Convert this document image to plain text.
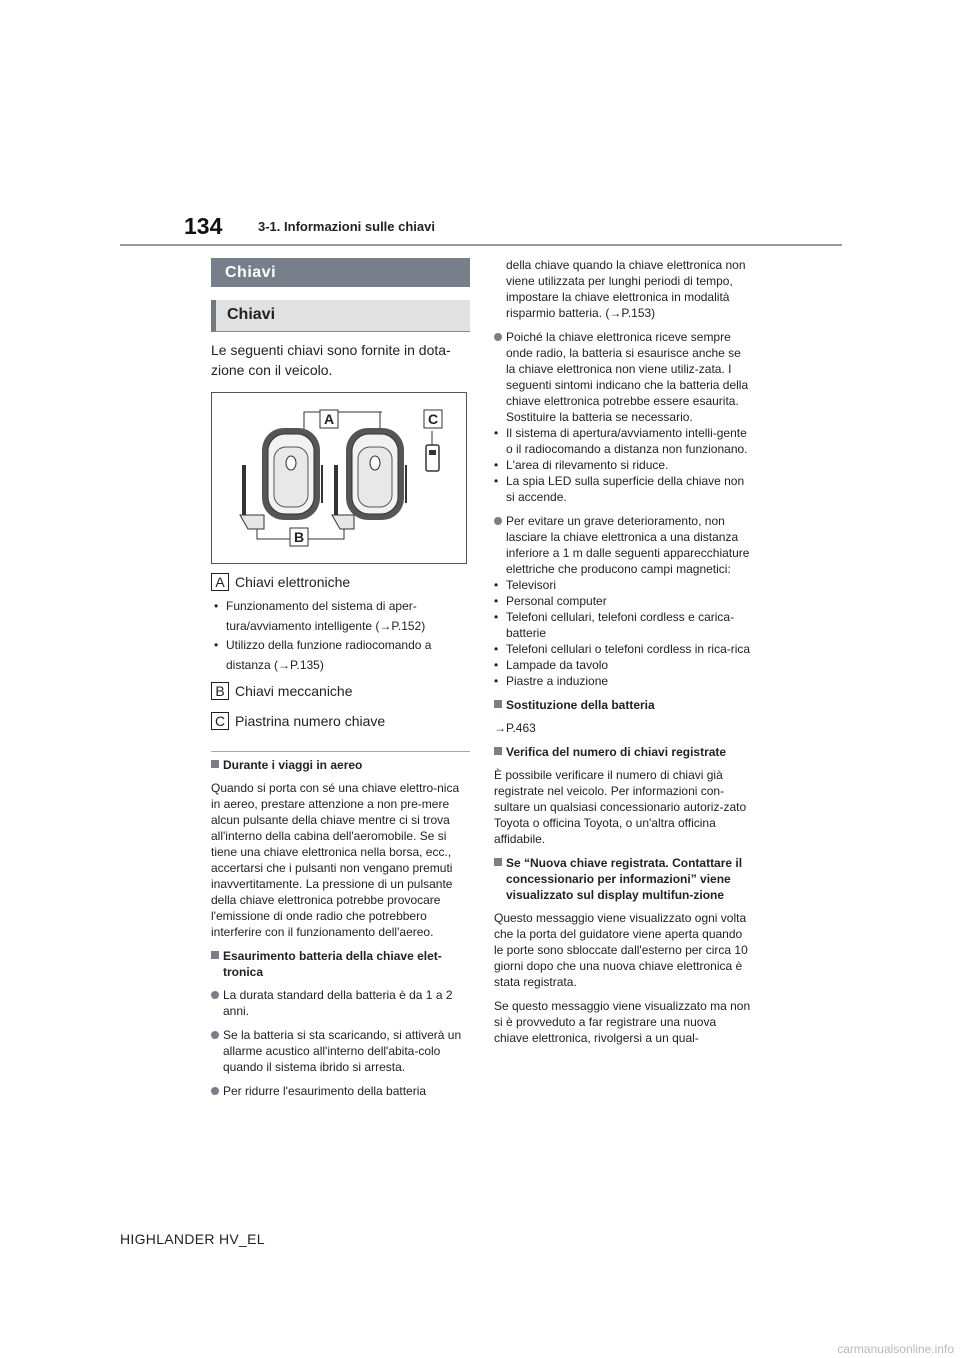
134	3-1. Informazioni sulle chiavi
Chiavi
Chiavi
Le seguenti chiavi sono fornite in dota-zione con il veicolo.
A	C
B
A Chiavi elettroniche
• Funzionamento del sistema di aper-
tura/avviamento intelligente (→P.152)
• Utilizzo della funzione radiocomando a
distanza (→P.135)
B Chiavi meccaniche
C Piastrina numero chiave

Durante i viaggi in aereo

Quando si porta con sé una chiave elettro-nica in aereo, prestare attenzione a non pre-mere alcun pulsante della chiave mentre ci si trova all'interno della cabina dell'aeromobile. Se si tiene una chiave elettronica nella borsa, ecc., accertarsi che i pulsanti non vengano premuti inavvertitamente. La pressione di un pulsante della chiave elettronica potrebbe provocare l'emissione di onde radio che potrebbero interferire con il funzionamento dell'aereo.

Esaurimento batteria della chiave elet-tronica

La durata standard della batteria è da 1 a 2 anni.

Se la batteria si sta scaricando, si attiverà un allarme acustico all'interno dell'abita-colo quando il sistema ibrido si arresta.

Per ridurre l'esaurimento della batteria

della chiave quando la chiave elettronica non viene utilizzata per lunghi periodi di tempo, impostare la chiave elettronica in modalità risparmio batteria. (→P.153)

Poiché la chiave elettronica riceve sempre onde radio, la batteria si esaurisce anche se la chiave elettronica non viene utiliz-zata. I seguenti sintomi indicano che la batteria della chiave elettronica potrebbe essere esaurita. Sostituire la batteria se necessario.

• Il sistema di apertura/avviamento intelli-gente o il radiocomando a distanza non funzionano.

• L'area di rilevamento si riduce.

• La spia LED sulla superficie della chiave non si accende.

Per evitare un grave deterioramento, non lasciare la chiave elettronica a una distanza inferiore a 1 m dalle seguenti apparecchiature elettriche che producono campi magnetici:

• Televisori

• Personal computer

• Telefoni cellulari, telefoni cordless e carica-batterie

• Telefoni cellulari o telefoni cordless in rica-rica

• Lampade da tavolo

• Piastre a induzione

Sostituzione della batteria

→P.463

Verifica del numero di chiavi registrate

È possibile verificare il numero di chiavi già registrate nel veicolo. Per informazioni con-sultare un qualsiasi concessionario autoriz-zato Toyota o officina Toyota, o un'altra officina affidabile.

Se “Nuova chiave registrata. Contattare il concessionario per informazioni” viene visualizzato sul display multifun-zione

Questo messaggio viene visualizzato ogni volta che la porta del guidatore viene aperta quando le porte sono sbloccate dall'esterno per circa 10 giorni dopo che una nuova chiave elettronica è stata registrata.

Se questo messaggio viene visualizzato ma non si è provveduto a far registrare una nuova chiave elettronica, rivolgersi a un qual-

HIGHLANDER HV_EL
carmanualsonline.info
